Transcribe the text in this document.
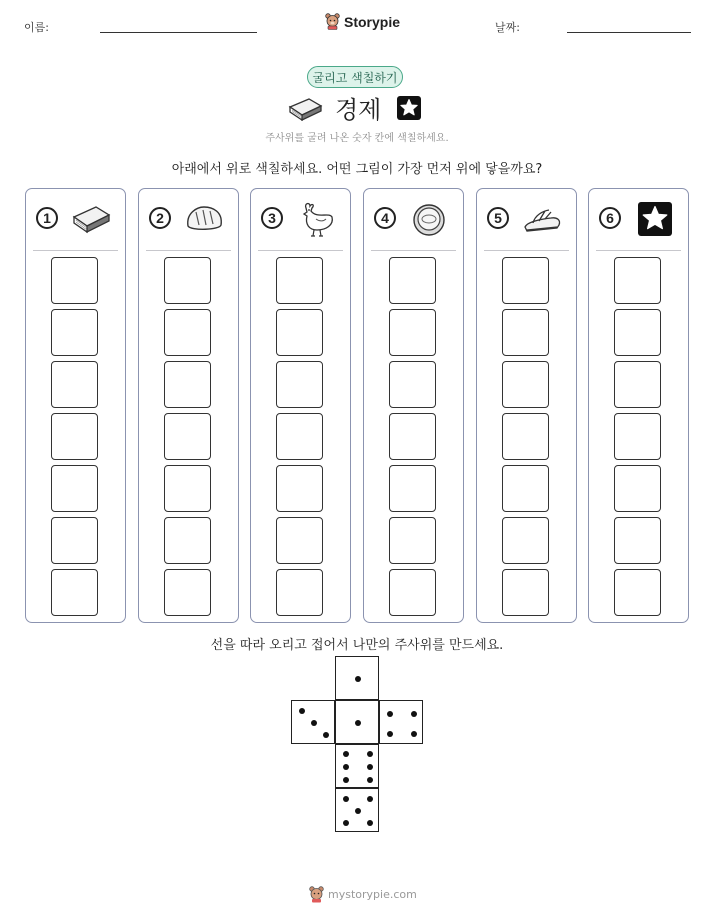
이름:	Storypie	날짜:
굴리고 색칠하기
경제
주사위를 굴려 나온 숫자 칸에 색칠하세요.
아래에서 위로 색칠하세요. 어떤 그림이 가장 먼저 위에 닿을까요?
1	2	3	4	5	6
선을 따라 오리고 접어서 나만의 주사위를 만드세요.
mystorypie.com
